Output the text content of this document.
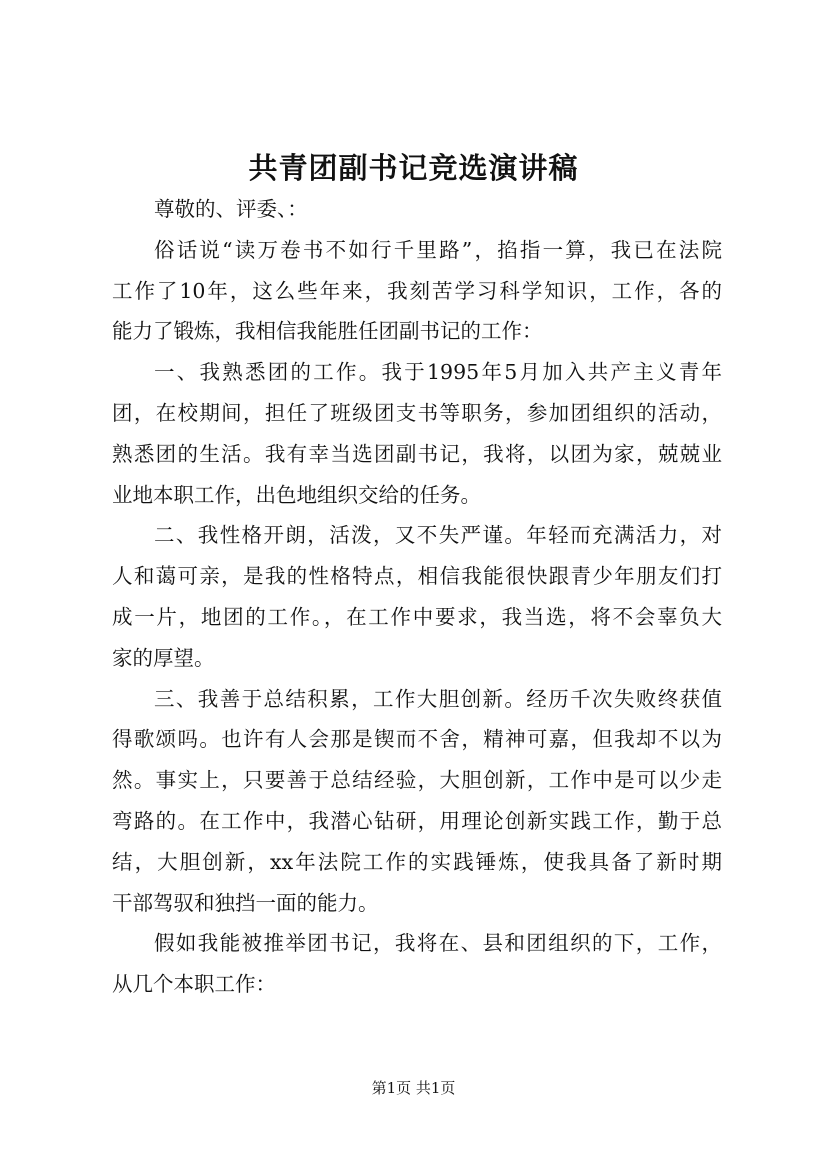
共青团副书记竞选演讲稿
尊敬的、评委、：
俗话说“读万卷书不如行千里路”，掐指一算，我已在法院
工作了10年，这么些年来，我刻苦学习科学知识，工作，各的
能力了锻炼，我相信我能胜任团副书记的工作：
一、我熟悉团的工作。我于1995年5月加入共产主义青年
团，在校期间，担任了班级团支书等职务，参加团组织的活动，
熟悉团的生活。我有幸当选团副书记，我将，以团为家，兢兢业
业地本职工作，出色地组织交给的任务。
二、我性格开朗，活泼，又不失严谨。年轻而充满活力，对
人和蔼可亲，是我的性格特点，相信我能很快跟青少年朋友们打
成一片，地团的工作。，在工作中要求，我当选，将不会辜负大
家的厚望。
三、我善于总结积累，工作大胆创新。经历千次失败终获值
得歌颂吗。也许有人会那是锲而不舍，精神可嘉，但我却不以为
然。事实上，只要善于总结经验，大胆创新，工作中是可以少走
弯路的。在工作中，我潜心钻研，用理论创新实践工作，勤于总
结，大胆创新，xx年法院工作的实践锤炼，使我具备了新时期
干部驾驭和独挡一面的能力。
假如我能被推举团书记，我将在、县和团组织的下，工作，
从几个本职工作：
第1页 共1页
